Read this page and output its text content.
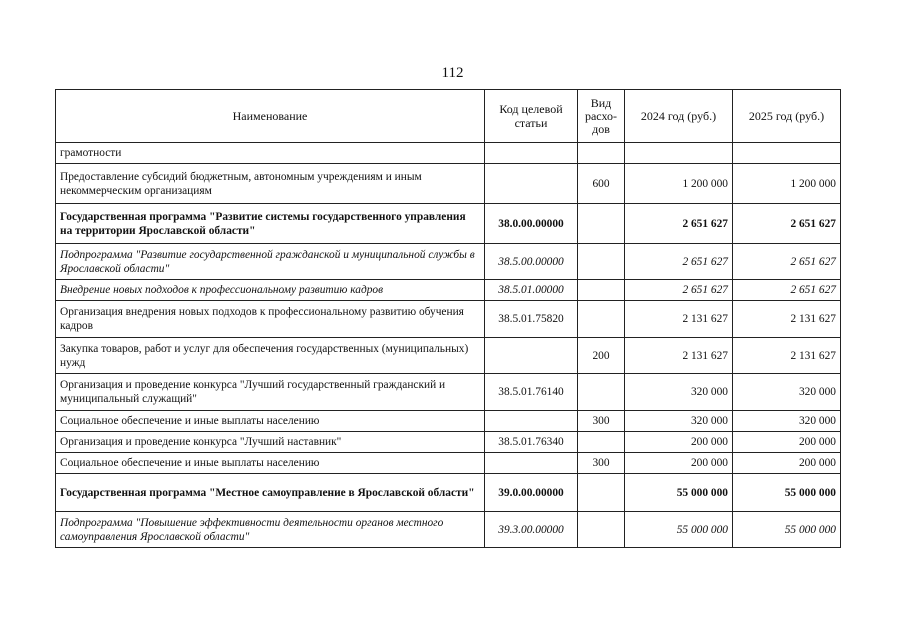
112
Наименование	Код целевой статьи	Вид расхо-дов	2024 год (руб.)	2025 год (руб.)
грамотности				
Предоставление субсидий бюджетным, автономным учреждениям и иным некоммерческим организациям		600	1 200 000	1 200 000
Государственная программа "Развитие системы государственного управления на территории Ярославской области"	38.0.00.00000		2 651 627	2 651 627
Подпрограмма "Развитие государственной гражданской и муниципальной службы в Ярославской области"	38.5.00.00000		2 651 627	2 651 627
Внедрение новых подходов к профессиональному развитию кадров	38.5.01.00000		2 651 627	2 651 627
Организация внедрения новых подходов к профессиональному развитию обучения кадров	38.5.01.75820		2 131 627	2 131 627
Закупка товаров, работ и услуг для обеспечения государственных (муниципальных) нужд		200	2 131 627	2 131 627
Организация и проведение конкурса "Лучший государственный гражданский и муниципальный служащий"	38.5.01.76140		320 000	320 000
Социальное обеспечение и иные выплаты населению		300	320 000	320 000
Организация и проведение конкурса "Лучший наставник"	38.5.01.76340		200 000	200 000
Социальное обеспечение и иные выплаты населению		300	200 000	200 000
Государственная программа "Местное самоуправление в Ярославской области"	39.0.00.00000		55 000 000	55 000 000
Подпрограмма "Повышение эффективности деятельности органов местного самоуправления Ярославской области"	39.3.00.00000		55 000 000	55 000 000
